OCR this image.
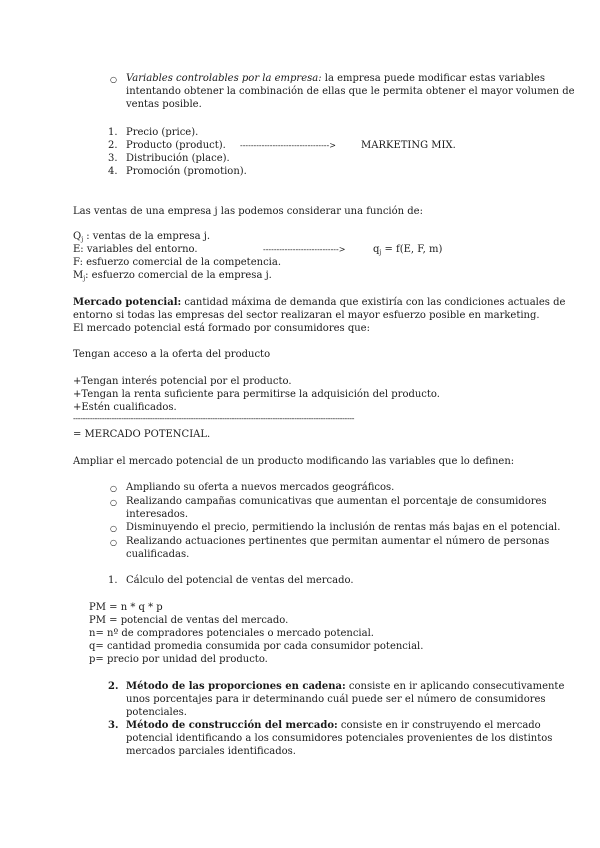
○ Variables controlables por la empresa: la empresa puede modificar estas variables
intentando obtener la combinación de ellas que le permita obtener el mayor volumen de
ventas posible.
1. Precio (price).
2. Producto (product). --------------------------------->	MARKETING MIX.
3. Distribución (place).
4. Promoción (promotion).
Las ventas de una empresa j las podemos considerar una función de:
$Q_j$ : ventas de la empresa j.
E: variables del entorno.	---------------------------->	$q_j = f(E$, F, m)
F: esfuerzo comercial de la competencia.
$M_j$: esfuerzo comercial de la empresa j.
Mercado potencial: cantidad máxima de demanda que existiría con las condiciones actuales de
entorno si todas las empresas del sector realizaran el mayor esfuerzo posible en marketing.
El mercado potencial está formado por consumidores que:
Tengan acceso a la oferta del producto
+Tengan interés potencial por el producto.
+Tengan la renta suficiente para permitirse la adquisición del producto.
+Estén cualificados.
---------------------------------------------------------------------------------------------------------------------
= MERCADO POTENCIAL.
Ampliar el mercado potencial de un producto modificando las variables que lo definen:
○ Ampliando su oferta a nuevos mercados geográficos.
○ Realizando campañas comunicativas que aumentan el porcentaje de consumidores
interesados.
○ Disminuyendo el precio, permitiendo la inclusión de rentas más bajas en el potencial.
○ Realizando actuaciones pertinentes que permitan aumentar el número de personas
cualificadas.
1. Cálculo del potencial de ventas del mercado.
PM = n * q * p
PM = potencial de ventas del mercado.
n= nº de compradores potenciales o mercado potencial.
q= cantidad promedia consumida por cada consumidor potencial.
p= precio por unidad del producto.
2. Método de las proporciones en cadena: consiste en ir aplicando consecutivamente
unos porcentajes para ir determinando cuál puede ser el número de consumidores
potenciales.
3. Método de construcción del mercado: consiste en ir construyendo el mercado
potencial identificando a los consumidores potenciales provenientes de los distintos
mercados parciales identificados.
